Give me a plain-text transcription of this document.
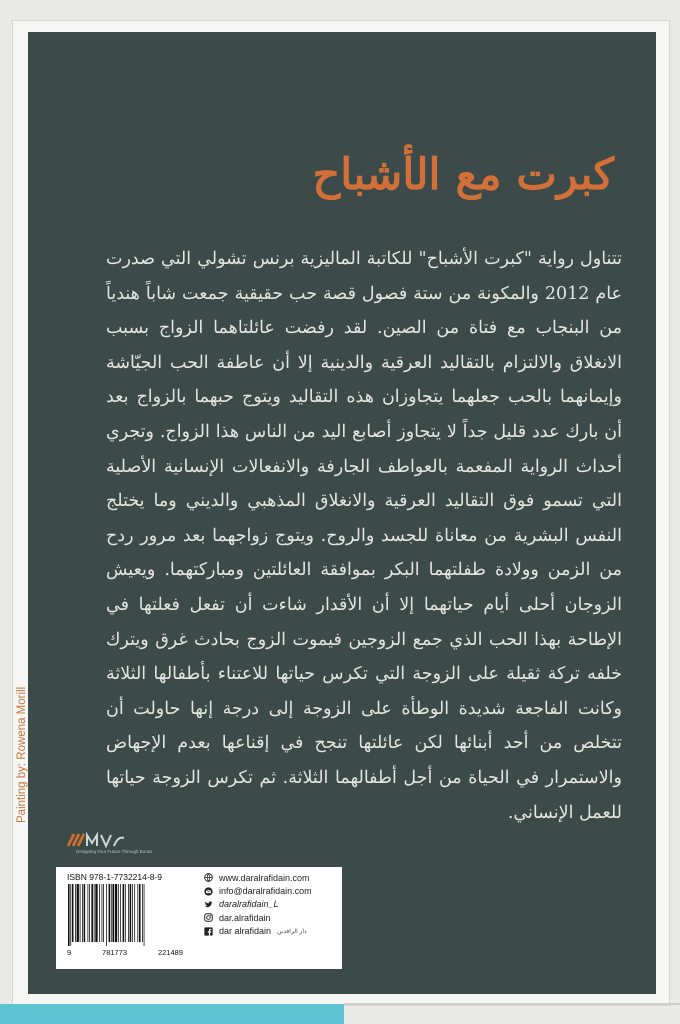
كبرت مع الأشباح
تتناول رواية "كبرت الأشباح" للكاتبة الماليزية برنس تشولي التي صدرت عام 2012 والمكونة من ستة فصول قصة حب حقيقية جمعت شاباً هندياً من البنجاب مع فتاة من الصين. لقد رفضت عائلتاهما الزواج بسبب الانغلاق والالتزام بالتقاليد العرقية والدينية إلا أن عاطفة الحب الجيّاشة وإيمانهما بالحب جعلهما يتجاوزان هذه التقاليد ويتوج حبهما بالزواج بعد أن بارك عدد قليل جداً لا يتجاوز أصابع اليد من الناس هذا الزواج. وتجري أحداث الرواية المفعمة بالعواطف الجارفة والانفعالات الإنسانية الأصلية التي تسمو فوق التقاليد العرقية والانغلاق المذهبي والديني وما يختلج النفس البشرية من معاناة للجسد والروح. ويتوج زواجهما بعد مرور ردح من الزمن وولادة طفلتهما البكر بموافقة العائلتين ومباركتهما. ويعيش الزوجان أحلى أيام حياتهما إلا أن الأقدار شاءت أن تفعل فعلتها في الإطاحة بهذا الحب الذي جمع الزوجين فيموت الزوج بحادث غرق ويترك خلفه تركة ثقيلة على الزوجة التي تكرس حياتها للاعتناء بأطفالها الثلاثة وكانت الفاجعة شديدة الوطأة على الزوجة إلى درجة إنها حاولت أن تتخلص من أحد أبنائها لكن عائلتها تنجح في إقناعها بعدم الإجهاض والاستمرار في الحياة من أجل أطفالهما الثلاثة. ثم تكرس الزوجة حياتها للعمل الإنساني.
Designing Your Future Through Books
ISBN 978-1-7732214-8-9
9	781773	221489
www.daralrafidain.com
info@daralrafidain.com
daralrafidain_L
dar.alrafidain
dar alrafidain دار الرافدين
